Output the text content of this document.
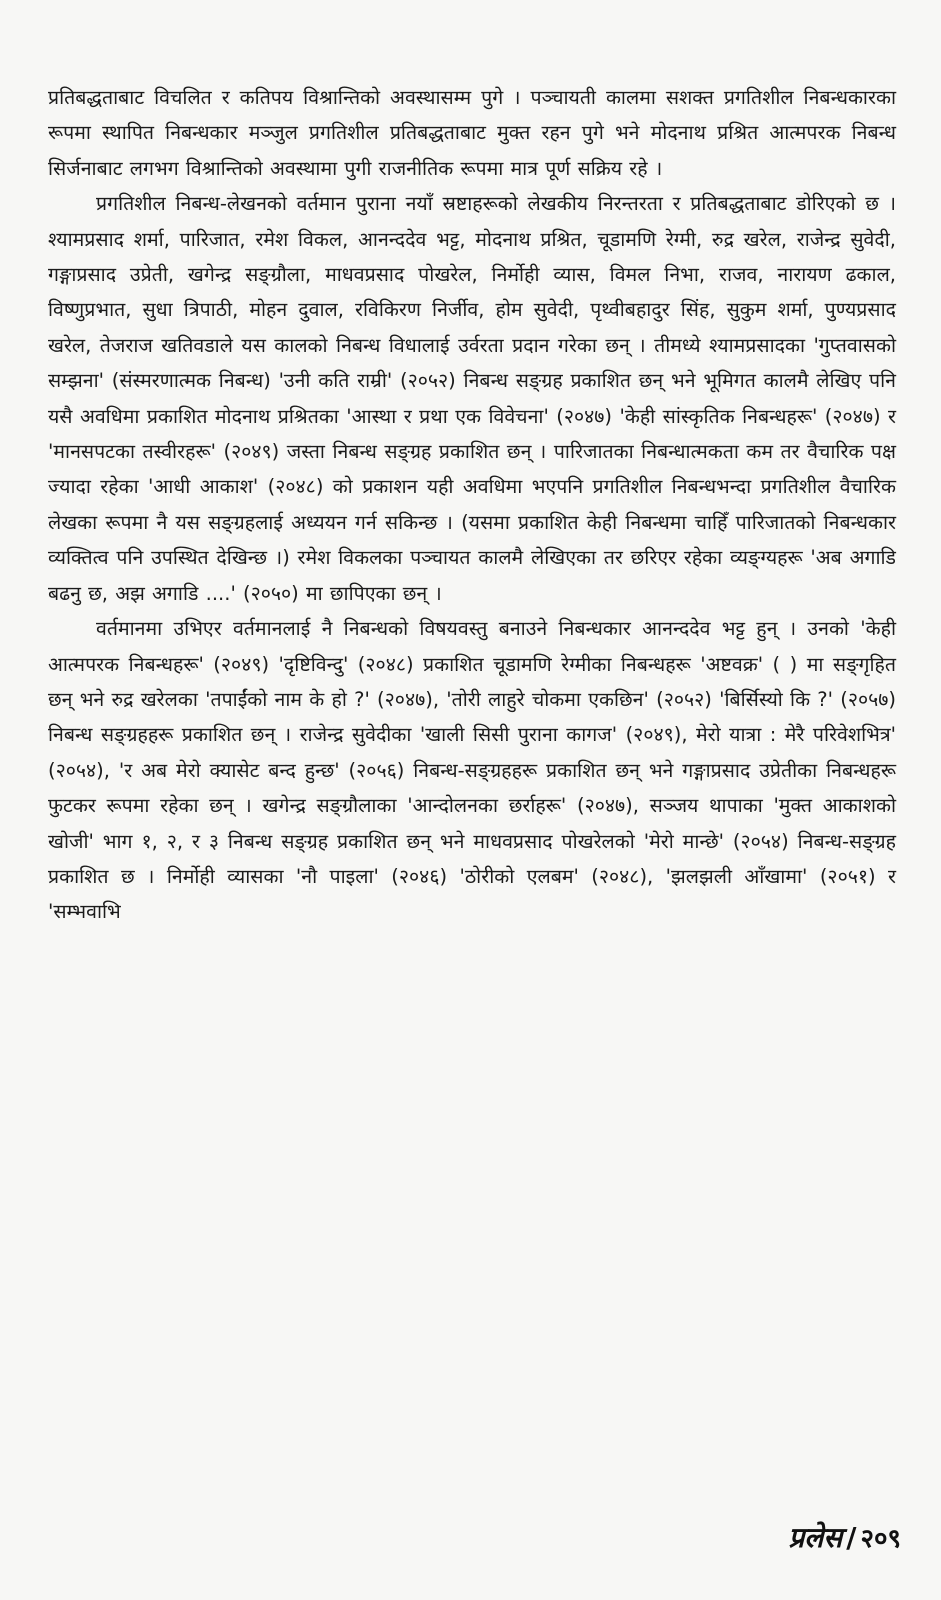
प्रतिबद्धताबाट विचलित र कतिपय विश्रान्तिको अवस्थासम्म पुगे । पञ्चायती कालमा सशक्त प्रगतिशील निबन्धकारका रूपमा स्थापित निबन्धकार मञ्जुल प्रगतिशील प्रतिबद्धताबाट मुक्त रहन पुगे भने मोदनाथ प्रश्रित आत्मपरक निबन्ध सिर्जनाबाट लगभग विश्रान्तिको अवस्थामा पुगी राजनीतिक रूपमा मात्र पूर्ण सक्रिय रहे ।

प्रगतिशील निबन्ध-लेखनको वर्तमान पुराना नयाँ स्रष्टाहरूको लेखकीय निरन्तरता र प्रतिबद्धताबाट डोरिएको छ । श्यामप्रसाद शर्मा, पारिजात, रमेश विकल, आनन्ददेव भट्ट, मोदनाथ प्रश्रित, चूडामणि रेग्मी, रुद्र खरेल, राजेन्द्र सुवेदी, गङ्गाप्रसाद उप्रेती, खगेन्द्र सङ्ग्रौला, माधवप्रसाद पोखरेल, निर्मोही व्यास, विमल निभा, राजव, नारायण ढकाल, विष्णुप्रभात, सुधा त्रिपाठी, मोहन दुवाल, रविकिरण निर्जीव, होम सुवेदी, पृथ्वीबहादुर सिंह, सुकुम शर्मा, पुण्यप्रसाद खरेल, तेजराज खतिवडाले यस कालको निबन्ध विधालाई उर्वरता प्रदान गरेका छन् । तीमध्ये श्यामप्रसादका 'गुप्तवासको सम्झना' (संस्मरणात्मक निबन्ध) 'उनी कति राम्री' (२०५२) निबन्ध सङ्ग्रह प्रकाशित छन् भने भूमिगत कालमै लेखिए पनि यसै अवधिमा प्रकाशित मोदनाथ प्रश्रितका 'आस्था र प्रथा एक विवेचना' (२०४७) 'केही सांस्कृतिक निबन्धहरू' (२०४७) र 'मानसपटका तस्वीरहरू' (२०४९) जस्ता निबन्ध सङ्ग्रह प्रकाशित छन् । पारिजातका निबन्धात्मकता कम तर वैचारिक पक्ष ज्यादा रहेका 'आधी आकाश' (२०४८) को प्रकाशन यही अवधिमा भएपनि प्रगतिशील निबन्धभन्दा प्रगतिशील वैचारिक लेखका रूपमा नै यस सङ्ग्रहलाई अध्ययन गर्न सकिन्छ । (यसमा प्रकाशित केही निबन्धमा चाहिँ पारिजातको निबन्धकार व्यक्तित्व पनि उपस्थित देखिन्छ ।) रमेश विकलका पञ्चायत कालमै लेखिएका तर छरिएर रहेका व्यङ्ग्यहरू 'अब अगाडि बढनु छ, अझ अगाडि ....' (२०५०) मा छापिएका छन् ।

वर्तमानमा उभिएर वर्तमानलाई नै निबन्धको विषयवस्तु बनाउने निबन्धकार आनन्ददेव भट्ट हुन् । उनको 'केही आत्मपरक निबन्धहरू' (२०४९) 'दृष्टिविन्दु' (२०४८) प्रकाशित चूडामणि रेग्मीका निबन्धहरू 'अष्टवक्र' ( ) मा सङ्गृहित छन् भने रुद्र खरेलका 'तपाईंको नाम के हो ?' (२०४७), 'तोरी लाहुरे चोकमा एकछिन' (२०५२) 'बिर्सिस्यो कि ?' (२०५७) निबन्ध सङ्ग्रहहरू प्रकाशित छन् । राजेन्द्र सुवेदीका 'खाली सिसी पुराना कागज' (२०४९), मेरो यात्रा : मेरै परिवेशभित्र' (२०५४), 'र अब मेरो क्यासेट बन्द हुन्छ' (२०५६) निबन्ध-सङ्ग्रहहरू प्रकाशित छन् भने गङ्गाप्रसाद उप्रेतीका निबन्धहरू फुटकर रूपमा रहेका छन् । खगेन्द्र सङ्ग्रौलाका 'आन्दोलनका छर्राहरू' (२०४७), सञ्जय थापाका 'मुक्त आकाशको खोजी' भाग १, २, र ३ निबन्ध सङ्ग्रह प्रकाशित छन् भने माधवप्रसाद पोखरेलको 'मेरो मान्छे' (२०५४) निबन्ध-सङ्ग्रह प्रकाशित छ । निर्मोही व्यासका 'नौ पाइला' (२०४६) 'ठोरीको एलबम' (२०४८), 'झलझली आँखामा' (२०५१) र 'सम्भवाभि

प्रलेस / २०९
